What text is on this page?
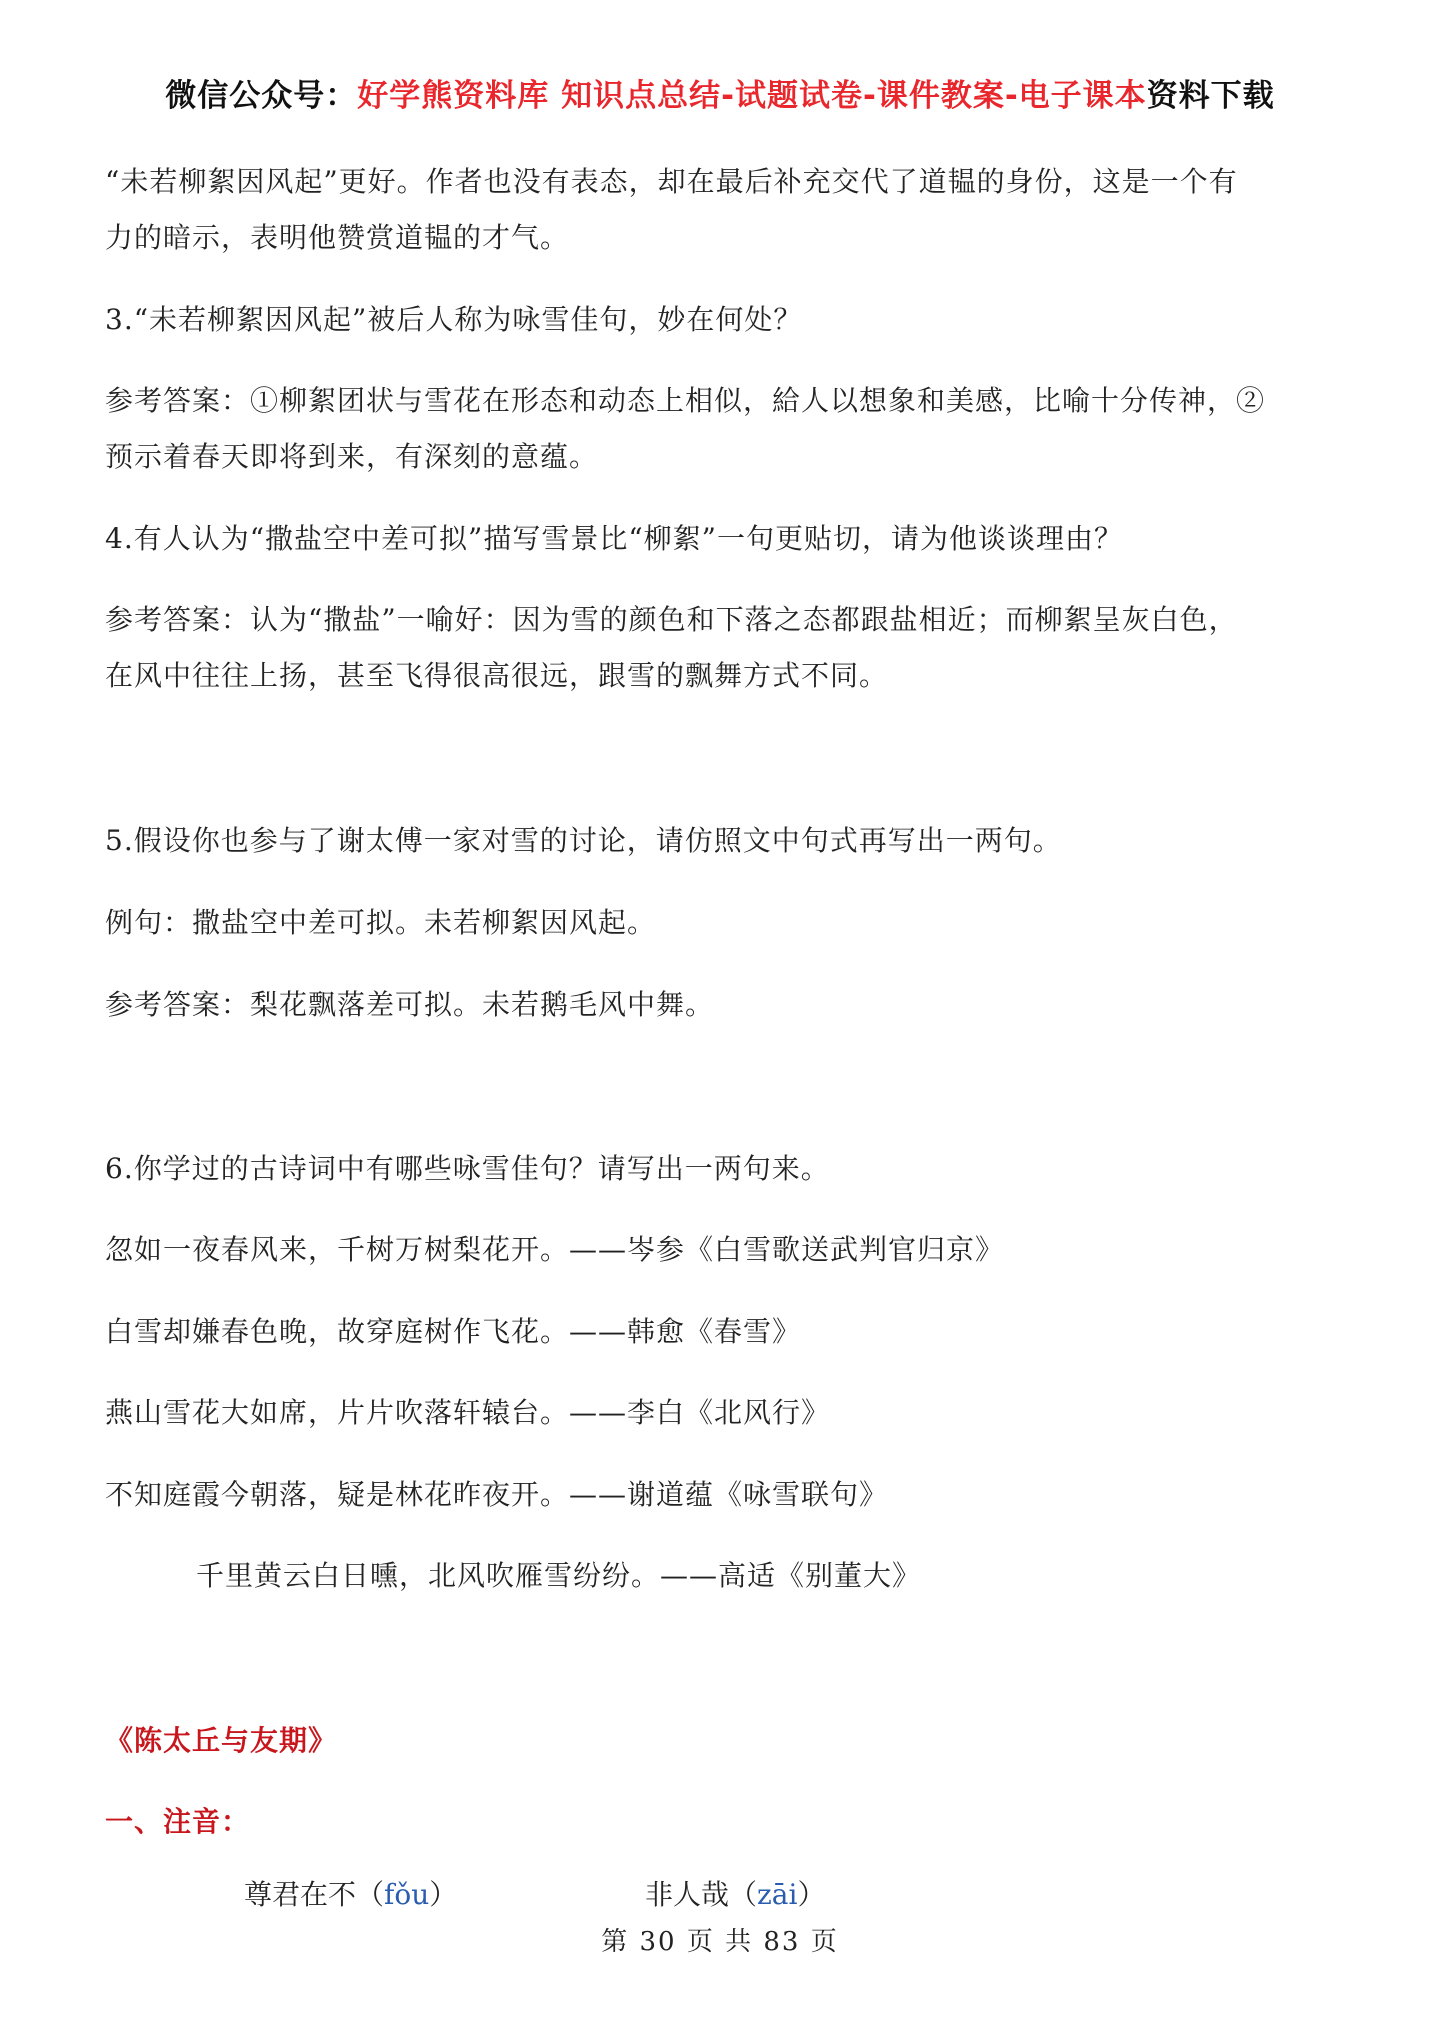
微信公众号：好学熊资料库 知识点总结-试题试卷-课件教案-电子课本资料下载
“未若柳絮因风起”更好。作者也没有表态，却在最后补充交代了道韫的身份，这是一个有
力的暗示，表明他赞赏道韫的才气。
3.“未若柳絮因风起”被后人称为咏雪佳句，妙在何处？
参考答案：①柳絮团状与雪花在形态和动态上相似，給人以想象和美感，比喻十分传神，②
预示着春天即将到来，有深刻的意蕴。
4.有人认为“撒盐空中差可拟”描写雪景比“柳絮”一句更贴切，请为他谈谈理由？
参考答案：认为“撒盐”一喻好：因为雪的颜色和下落之态都跟盐相近；而柳絮呈灰白色，
在风中往往上扬，甚至飞得很高很远，跟雪的飘舞方式不同。
5.假设你也参与了谢太傅一家对雪的讨论，请仿照文中句式再写出一两句。
例句：撒盐空中差可拟。未若柳絮因风起。
参考答案：梨花飘落差可拟。未若鹅毛风中舞。
6.你学过的古诗词中有哪些咏雪佳句？请写出一两句来。
忽如一夜春风来，千树万树梨花开。——岑参《白雪歌送武判官归京》
白雪却嫌春色晚，故穿庭树作飞花。——韩愈《春雪》
燕山雪花大如席，片片吹落轩辕台。——李白《北风行》
不知庭霞今朝落，疑是林花昨夜开。——谢道蕴《咏雪联句》
千里黄云白日曛，北风吹雁雪纷纷。——高适《别董大》
《陈太丘与友期》
一、注音：
尊君在不（fǒu）	非人哉（zāi）
第 30 页 共 83 页
